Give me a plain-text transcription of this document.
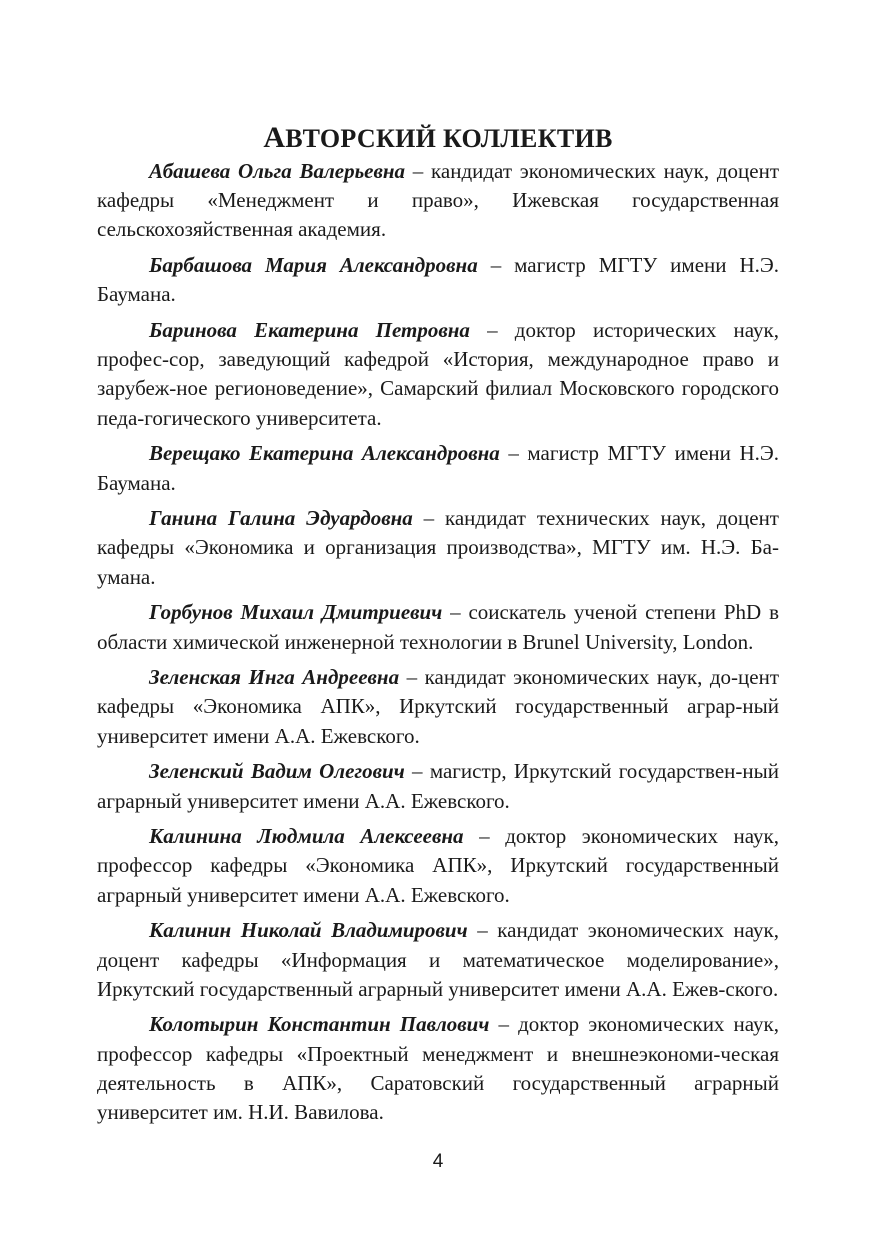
АВТОРСКИЙ КОЛЛЕКТИВ

Абашева Ольга Валерьевна – кандидат экономических наук, доцент кафедры «Менеджмент и право», Ижевская государственная сельскохозяйственная академия.

Барбашова Мария Александровна – магистр МГТУ имени Н.Э. Баумана.

Баринова Екатерина Петровна – доктор исторических наук, профес-сор, заведующий кафедрой «История, международное право и зарубеж-ное регионоведение», Самарский филиал Московского городского педа-гогического университета.

Верещако Екатерина Александровна – магистр МГТУ имени Н.Э. Баумана.

Ганина Галина Эдуардовна – кандидат технических наук, доцент кафедры «Экономика и организация производства», МГТУ им. Н.Э. Ба-умана.

Горбунов Михаил Дмитриевич – соискатель ученой степени PhD в области химической инженерной технологии в Brunel University, London.

Зеленская Инга Андреевна – кандидат экономических наук, до-цент кафедры «Экономика АПК», Иркутский государственный аграр-ный университет имени А.А. Ежевского.

Зеленский Вадим Олегович – магистр, Иркутский государствен-ный аграрный университет имени А.А. Ежевского.

Калинина Людмила Алексеевна – доктор экономических наук, профессор кафедры «Экономика АПК», Иркутский государственный аграрный университет имени А.А. Ежевского.

Калинин Николай Владимирович – кандидат экономических наук, доцент кафедры «Информация и математическое моделирование», Иркутский государственный аграрный университет имени А.А. Ежев-ского.

Колотырин Константин Павлович – доктор экономических наук, профессор кафедры «Проектный менеджмент и внешнеэкономи-ческая деятельность в АПК», Саратовский государственный аграрный университет им. Н.И. Вавилова.

4
